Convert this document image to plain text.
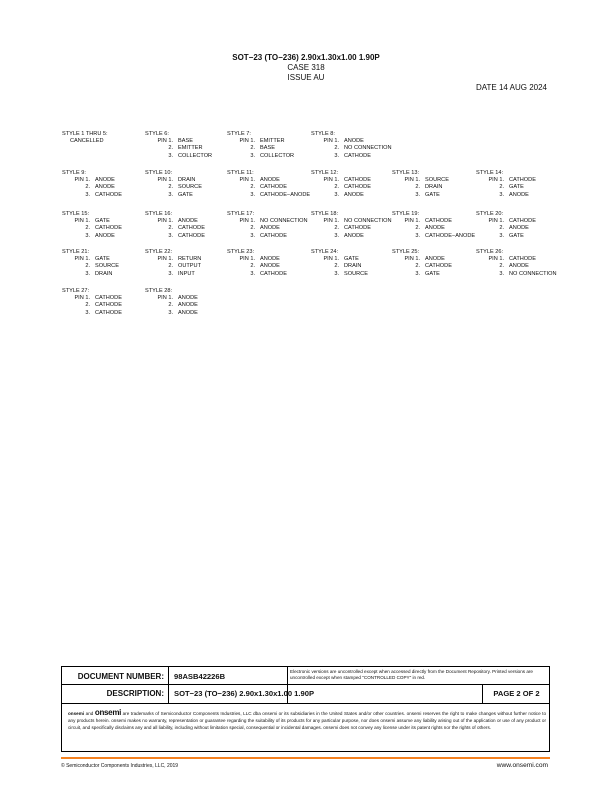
SOT−23 (TO−236) 2.90x1.30x1.00 1.90P
CASE 318
ISSUE AU
DATE 14 AUG 2024
STYLE 1 THRU 5:
CANCELLED
STYLE 6:
PIN 1. BASE
2. EMITTER
3. COLLECTOR
STYLE 7:
PIN 1. EMITTER
2. BASE
3. COLLECTOR
STYLE 8:
PIN 1. ANODE
2. NO CONNECTION
3. CATHODE
STYLE 9:
PIN 1. ANODE
2. ANODE
3. CATHODE
STYLE 10:
PIN 1. DRAIN
2. SOURCE
3. GATE
STYLE 11:
PIN 1. ANODE
2. CATHODE
3. CATHODE−ANODE
STYLE 12:
PIN 1. CATHODE
2. CATHODE
3. ANODE
STYLE 13:
PIN 1. SOURCE
2. DRAIN
3. GATE
STYLE 14:
PIN 1. CATHODE
2. GATE
3. ANODE
STYLE 15:
PIN 1. GATE
2. CATHODE
3. ANODE
STYLE 16:
PIN 1. ANODE
2. CATHODE
3. CATHODE
STYLE 17:
PIN 1. NO CONNECTION
2. ANODE
3. CATHODE
STYLE 18:
PIN 1. NO CONNECTION
2. CATHODE
3. ANODE
STYLE 19:
PIN 1. CATHODE
2. ANODE
3. CATHODE−ANODE
STYLE 20:
PIN 1. CATHODE
2. ANODE
3. GATE
STYLE 21:
PIN 1. GATE
2. SOURCE
3. DRAIN
STYLE 22:
PIN 1. RETURN
2. OUTPUT
3. INPUT
STYLE 23:
PIN 1. ANODE
2. ANODE
3. CATHODE
STYLE 24:
PIN 1. GATE
2. DRAIN
3. SOURCE
STYLE 25:
PIN 1. ANODE
2. CATHODE
3. GATE
STYLE 26:
PIN 1. CATHODE
2. ANODE
3. NO CONNECTION
STYLE 27:
PIN 1. CATHODE
2. CATHODE
3. CATHODE
STYLE 28:
PIN 1. ANODE
2. ANODE
3. ANODE
DOCUMENT NUMBER:	98ASB42226B
Electronic versions are uncontrolled except when accessed directly from the Document Repository. Printed versions are uncontrolled except when stamped "CONTROLLED COPY" in red.
DESCRIPTION:	SOT−23 (TO−236) 2.90x1.30x1.00 1.90P	PAGE 2 OF 2
onsemi and onsemi are trademarks of Semiconductor Components Industries, LLC dba onsemi or its subsidiaries in the United States and/or other countries. onsemi reserves the right to make changes without further notice to any products herein. onsemi makes no warranty, representation or guarantee regarding the suitability of its products for any particular purpose, nor does onsemi assume any liability arising out of the application or use of any product or circuit, and specifically disclaims any and all liability, including without limitation special, consequential or incidental damages. onsemi does not convey any license under its patent rights nor the rights of others.
© Semiconductor Components Industries, LLC, 2019	www.onsemi.com
